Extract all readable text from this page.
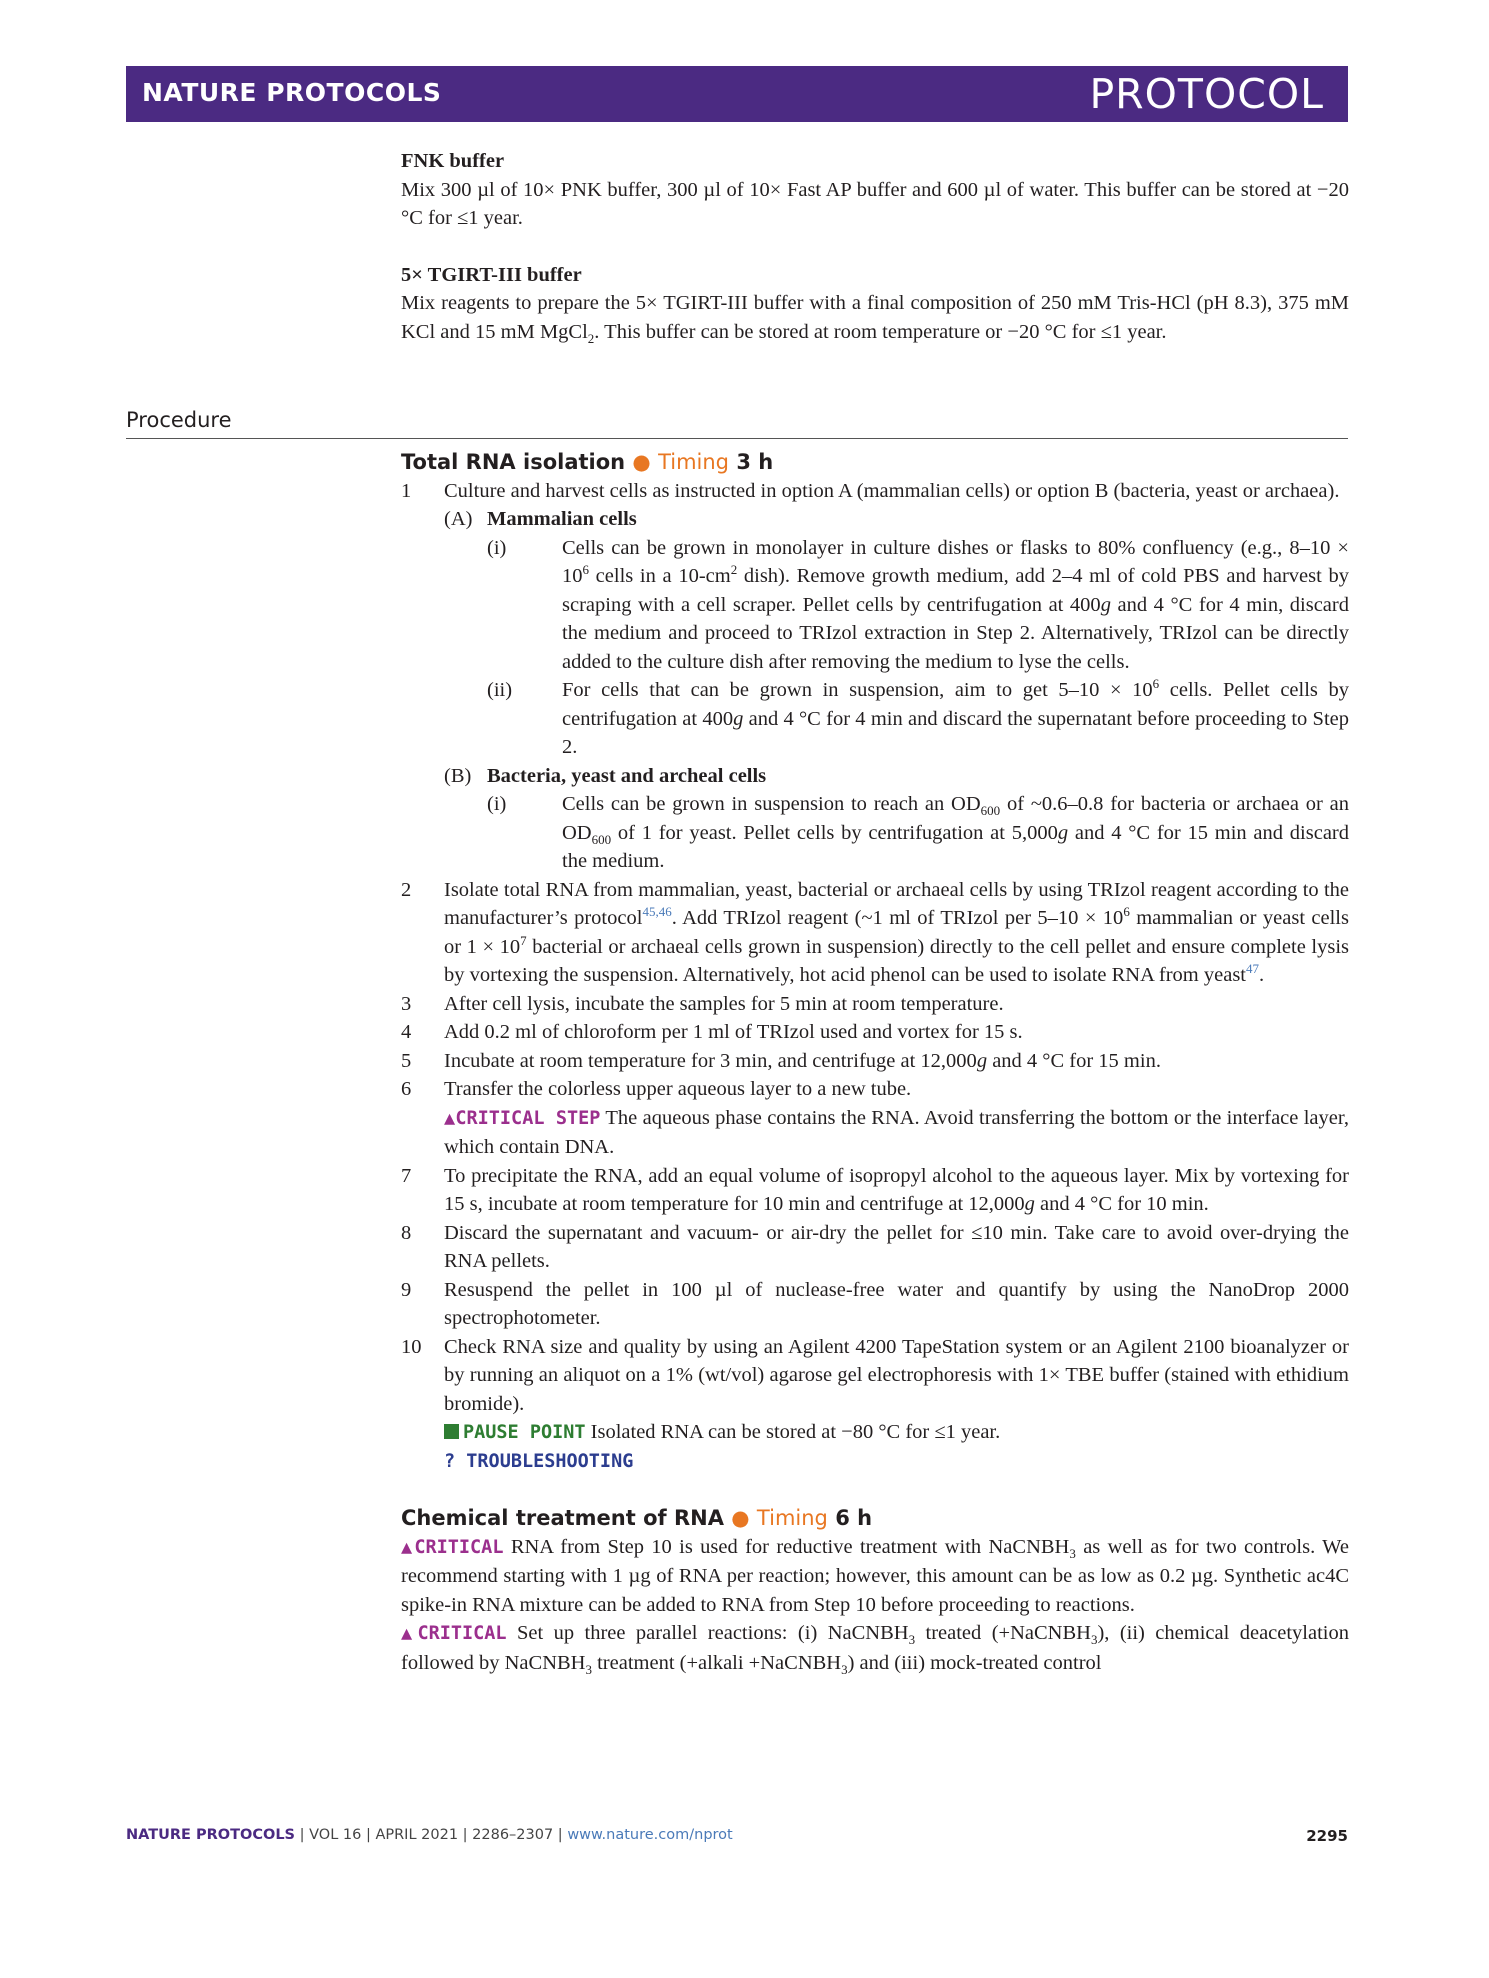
NATURE PROTOCOLS	PROTOCOL
Procedure

FNK buffer

Mix 300 µl of 10× PNK buffer, 300 µl of 10× Fast AP buffer and 600 µl of water. This buffer can be stored at −20 °C for ≤1 year.

5× TGIRT-III buffer

Mix reagents to prepare the 5× TGIRT-III buffer with a final composition of 250 mM Tris-HCl (pH 8.3), 375 mM KCl and 15 mM MgCl$_2$. This buffer can be stored at room temperature or −20 °C for ≤1 year.

Total RNA isolation ● Timing 3 h

1 Culture and harvest cells as instructed in option A (mammalian cells) or option B (bacteria, yeast or archaea).

(A) Mammalian cells
(i)	Cells can be grown in monolayer in culture dishes or flasks to 80% confluency (e.g., $8-10 \times 10^6$ cells in a $10-cm^2$ dish). Remove growth medium, add 2–4 ml of cold PBS and harvest by scraping with a cell scraper. Pellet cells by centrifugation at 400g and 4 °C for 4 min, discard the medium and proceed to TRIzol extraction in Step 2. Alternatively, TRIzol can be directly added to the culture dish after removing the medium to lyse the cells.

(ii)	For cells that can be grown in suspension, aim to get $5-10 \times 10^6$ cells. Pellet cells by centrifugation at 400g and 4 °C for 4 min and discard the supernatant before proceeding to Step 2.

(B) Bacteria, yeast and archeal cells
(i)	Cells can be grown in suspension to reach an $OD_{600}$ of ~0.6–0.8 for bacteria or archaea or an $OD_{600}$ of 1 for yeast. Pellet cells by centrifugation at 5,000g and 4 °C for 15 min and discard the medium.

2 Isolate total RNA from mammalian, yeast, bacterial or archaeal cells by using TRIzol reagent according to the manufacturer’s protocol$^{45,46}$. Add TRIzol reagent (~1 ml of TRIzol per $5-10 \times 10^6$ mammalian or yeast cells or $1 \times 10^7$ bacterial or archaeal cells grown in suspension) directly to the cell pellet and ensure complete lysis by vortexing the suspension. Alternatively, hot acid phenol can be used to isolate RNA from yeast$^{47}$.

3 After cell lysis, incubate the samples for 5 min at room temperature.

4 Add 0.2 ml of chloroform per 1 ml of TRIzol used and vortex for 15 s.

5 Incubate at room temperature for 3 min, and centrifuge at 12,000g and 4 °C for 15 min.

6 Transfer the colorless upper aqueous layer to a new tube.

▲CRITICAL STEP The aqueous phase contains the RNA. Avoid transferring the bottom or the interface layer, which contain DNA.

7 To precipitate the RNA, add an equal volume of isopropyl alcohol to the aqueous layer. Mix by vortexing for 15 s, incubate at room temperature for 10 min and centrifuge at 12,000g and 4 °C for 10 min.

8 Discard the supernatant and vacuum- or air-dry the pellet for ≤10 min. Take care to avoid over-drying the RNA pellets.

9 Resuspend the pellet in 100 µl of nuclease-free water and quantify by using the NanoDrop 2000 spectrophotometer.

10 Check RNA size and quality by using an Agilent 4200 TapeStation system or an Agilent 2100 bioanalyzer or by running an aliquot on a 1% (wt/vol) agarose gel electrophoresis with 1× TBE buffer (stained with ethidium bromide).

PAUSE POINT Isolated RNA can be stored at −80 °C for ≤1 year.

? TROUBLESHOOTING

Chemical treatment of RNA ● Timing 6 h

▲CRITICAL RNA from Step 10 is used for reductive treatment with NaCNBH$_3$ as well as for two controls. We recommend starting with 1 µg of RNA per reaction; however, this amount can be as low as 0.2 µg. Synthetic ac4C spike-in RNA mixture can be added to RNA from Step 10 before proceeding to reactions.

▲CRITICAL Set up three parallel reactions: (i) NaCNBH$_3$ treated (+NaCNBH$_3$), (ii) chemical deacetylation followed by NaCNBH$_3$ treatment (+alkali +NaCNBH$_3$) and (iii) mock-treated control

NATURE PROTOCOLS | VOL 16 | APRIL 2021 | 2286–2307 | www.nature.com/nprot	2295
